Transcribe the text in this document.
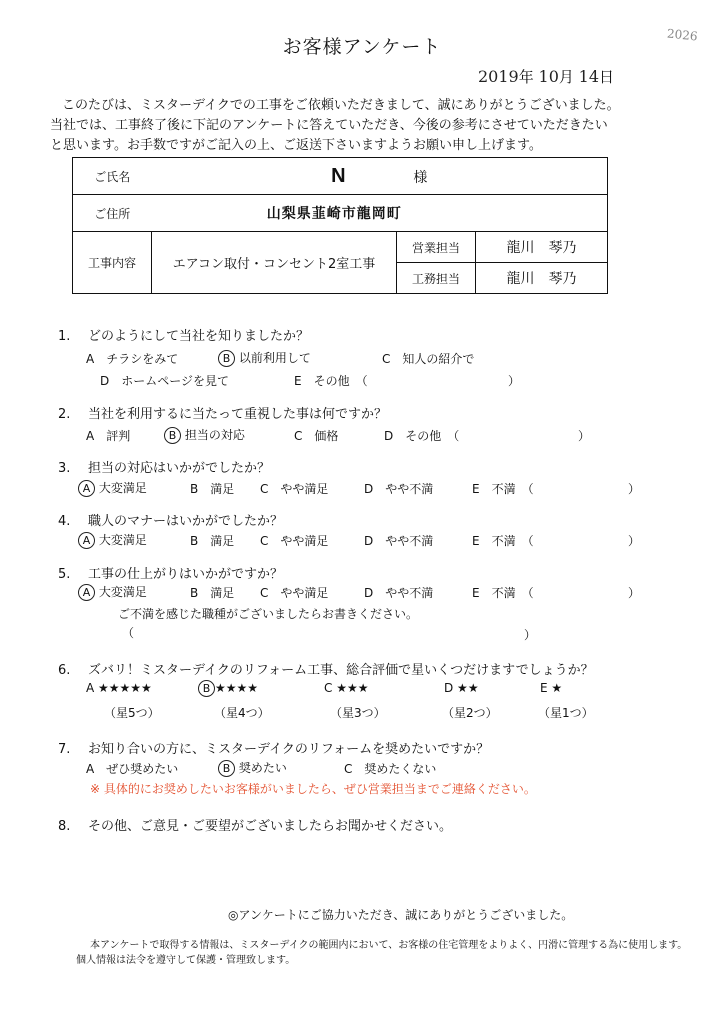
お客様アンケート
2026
2019年 10月 14日
このたびは、ミスターデイクでの工事をご依頼いただきまして、誠にありがとうございました。
当社では、工事終了後に下記のアンケートに答えていただき、今後の参考にさせていただきたい
と思います。お手数ですがご記入の上、ご返送下さいますようお願い申し上げます。
ご氏名	N 様		
ご住所	山梨県韮崎市龍岡町		
工事内容	エアコン取付・コンセント2室工事	営業担当	龍川　琴乃
		工務担当	龍川　琴乃
1. どのようにして当社を知りましたか？
A　チラシをみて	B 以前利用して	C　知人の紹介で
D　ホームページを見て	E　その他　（	）
2. 当社を利用するに当たって重視した事は何ですか？
A　評判	B 担当の対応	C　価格	D　その他　（	）
3. 担当の対応はいかがでしたか？
A 大変満足	B　満足 C　やや満足	D　やや不満	E　不満　（	）
4. 職人のマナーはいかがでしたか？
A 大変満足	B　満足 C　やや満足	D　やや不満	E　不満　（	）
5. 工事の仕上がりはいかがですか？
A 大変満足	B　満足 C　やや満足	D　やや不満	E　不満　（	）
ご不満を感じた職種がございましたらお書きください。
（	）
6. ズバリ！ミスターデイクのリフォーム工事、総合評価で星いくつだけますでしょうか？
A ★★★★★	B ★★★★	C ★★★	D ★★	E ★
（星5つ）	（星4つ）	（星3つ）	（星2つ）	（星1つ）
7. お知り合いの方に、ミスターデイクのリフォームを奨めたいですか？
A　ぜひ奨めたい	B 奨めたい	C　奨めたくない
※ 具体的にお奨めしたいお客様がいましたら、ぜひ営業担当までご連絡ください。
8. その他、ご意見・ご要望がございましたらお聞かせください。
◎アンケートにご協力いただき、誠にありがとうございました。
本アンケートで取得する情報は、ミスターデイクの範囲内において、お客様の住宅管理をよりよく、円滑に管理する為に使用します。
個人情報は法令を遵守して保護・管理致します。
